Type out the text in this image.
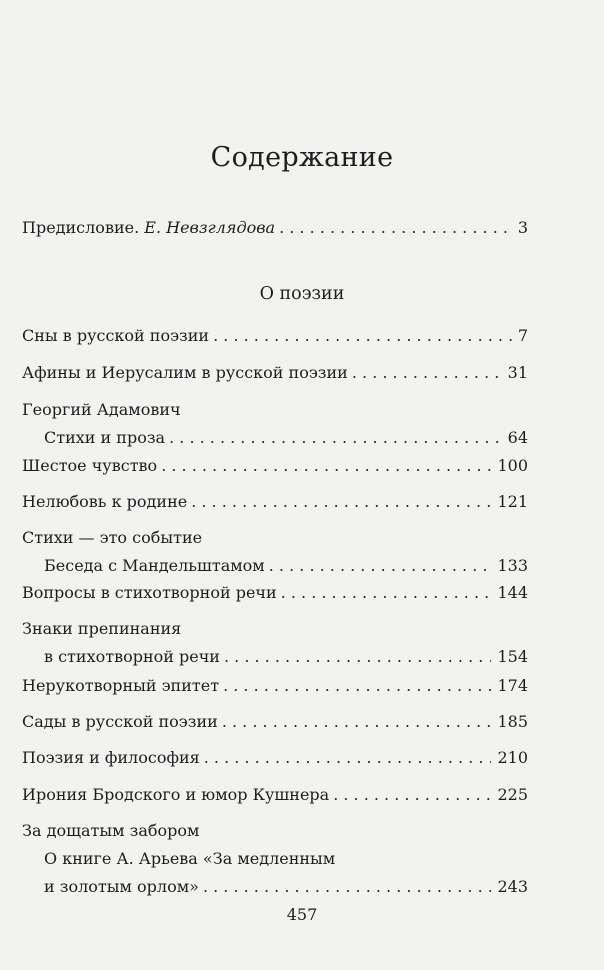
Содержание
Предисловие. Е. Невзглядова . . .	3
О поэзии
Сны в русской поэзии . . .	7
Афины и Иерусалим в русской поэзии . . .	31
Георгий Адамович
Стихи и проза . . .	64
Шестое чувство . . .	100
Нелюбовь к родине . . .	121
Стихи — это событие
Беседа с Мандельштамом . . .	133
Вопросы в стихотворной речи . . .	144
Знаки препинания
в стихотворной речи . . .	154
Нерукотворный эпитет . . .	174
Сады в русской поэзии . . .	185
Поэзия и философия . . .	210
Ирония Бродского и юмор Кушнера . . .	225
За дощатым забором
О книге А. Арьева «За медленным
и золотым орлом» . . .	243
457
